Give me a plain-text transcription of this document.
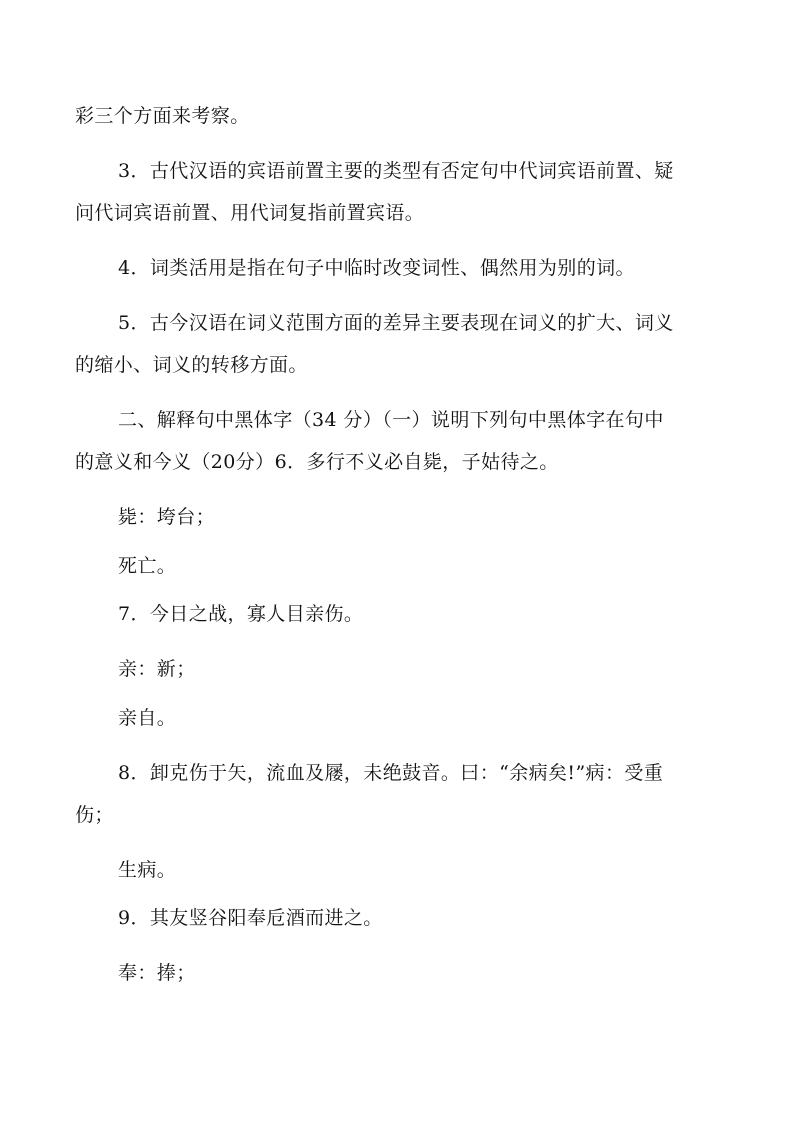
彩三个方面来考察。
3．古代汉语的宾语前置主要的类型有否定句中代词宾语前置、疑
问代词宾语前置、用代词复指前置宾语。
4．词类活用是指在句子中临时改变词性、偶然用为别的词。
5．古今汉语在词义范围方面的差异主要表现在词义的扩大、词义
的缩小、词义的转移方面。
二、解释句中黑体字（34 分）（一）说明下列句中黑体字在句中
的意义和今义（20分）6．多行不义必自毙，子姑待之。
毙：垮台；
死亡。
7．今日之战，寡人目亲伤。
亲：新；
亲自。
8．卸克伤于矢，流血及屦，未绝鼓音。曰：“余病矣!”病：受重
伤；
生病。
9．其友竖谷阳奉卮酒而进之。
奉：捧；
